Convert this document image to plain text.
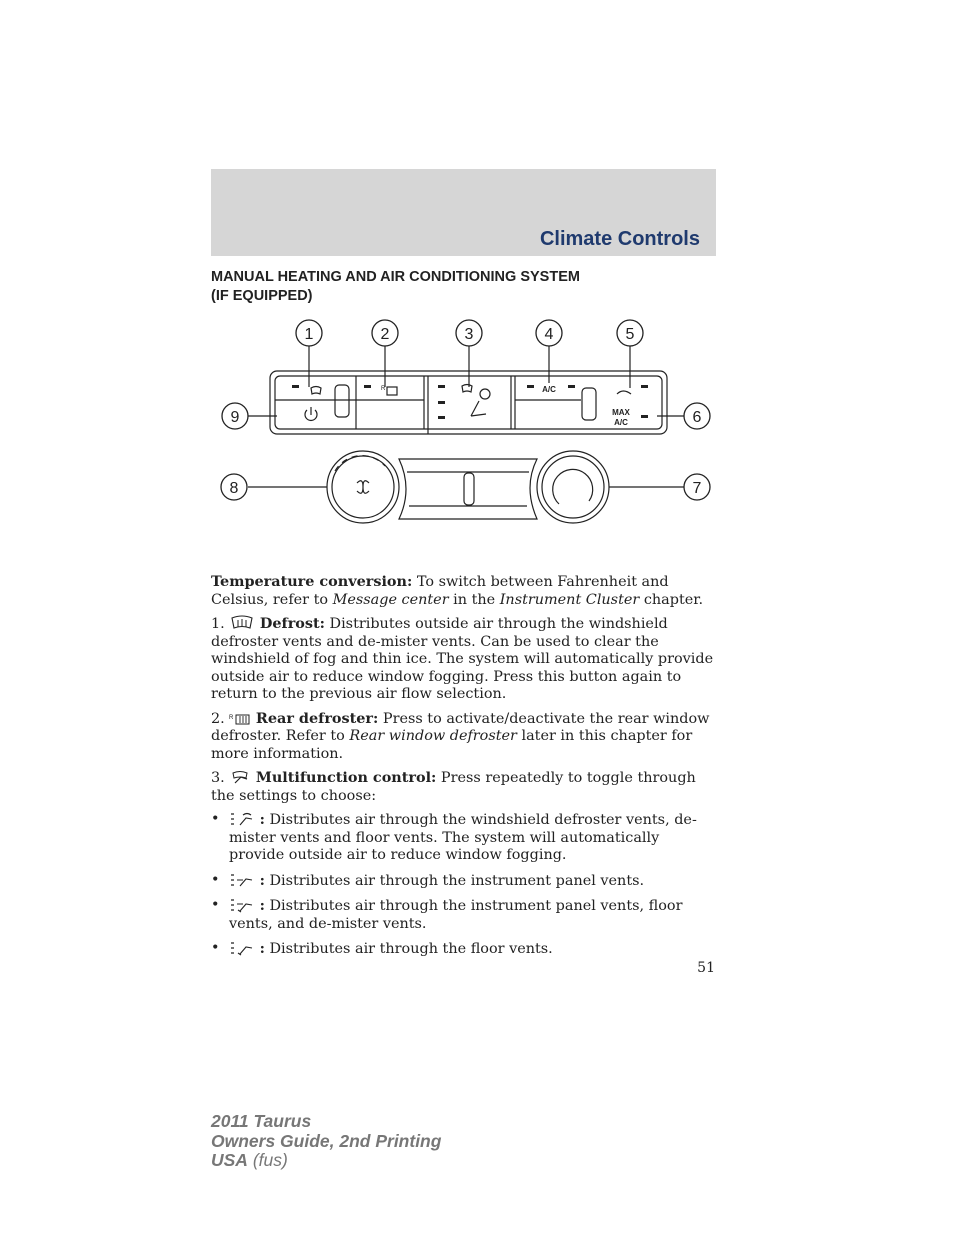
Climate Controls
MANUAL HEATING AND AIR CONDITIONING SYSTEM
(IF EQUIPPED)
R	A/C
MAX
A/C
1	2	3	4	5
6
7
8
9

Temperature conversion: To switch between Fahrenheit and Celsius, refer to Message center in the Instrument Cluster chapter.

1. Defrost: Distributes outside air through the windshield defroster vents and de-mister vents. Can be used to clear the windshield of fog and thin ice. The system will automatically provide outside air to reduce window fogging. Press this button again to return to the previous air flow selection.

2. R Rear defroster: Press to activate/deactivate the rear window defroster. Refer to Rear window defroster later in this chapter for more information.

3. Multifunction control: Press repeatedly to toggle through the settings to choose:

•	: Distributes air through the windshield defroster vents, de-mister vents and floor vents. The system will automatically provide outside air to reduce window fogging.
•	: Distributes air through the instrument panel vents.
•	: Distributes air through the instrument panel vents, floor vents, and de-mister vents.
•	: Distributes air through the floor vents.
51
2011 Taurus
Owners Guide, 2nd Printing
USA (fus)
